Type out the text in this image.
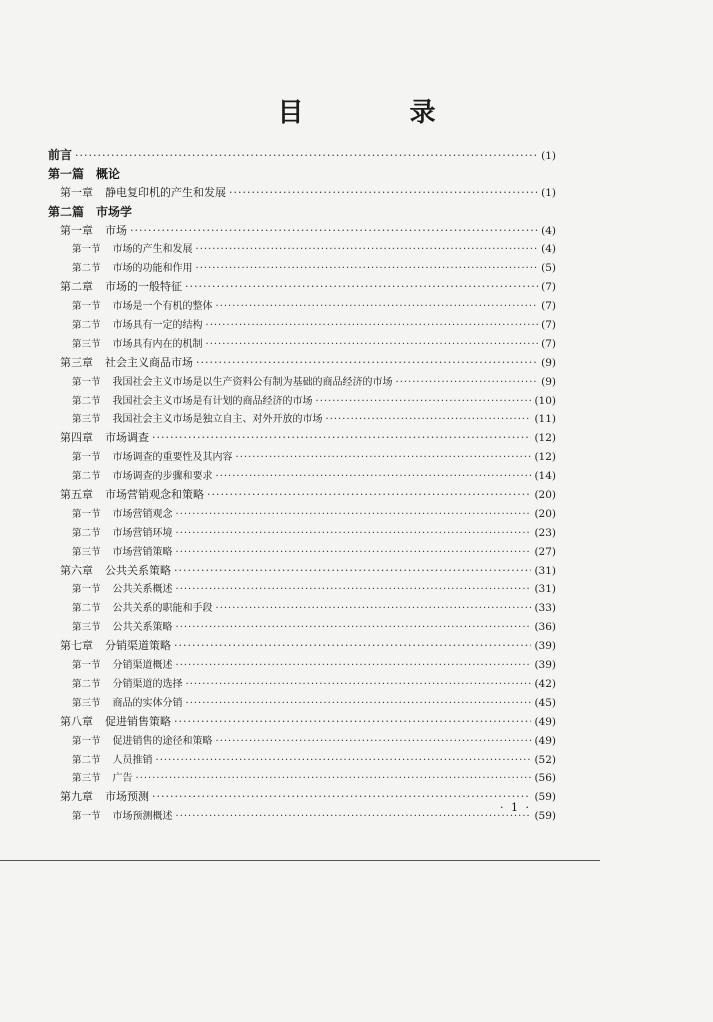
目　录
前言 ·····	(1)
第一篇 概论
第一章 静电复印机的产生和发展 ·····	(1)
第二篇 市场学
第一章 市场 ·····	(4)
第一节 市场的产生和发展 ·····	(4)
第二节 市场的功能和作用 ·····	(5)
第二章 市场的一般特征 ·····	(7)
第一节 市场是一个有机的整体 ·····	(7)
第二节 市场具有一定的结构 ·····	(7)
第三节 市场具有内在的机制 ·····	(7)
第三章 社会主义商品市场 ·····	(9)
第一节 我国社会主义市场是以生产资料公有制为基础的商品经济的市场 ·····	(9)
第二节 我国社会主义市场是有计划的商品经济的市场 ·····	(10)
第三节 我国社会主义市场是独立自主、对外开放的市场 ·····	(11)
第四章 市场调查 ·····	(12)
第一节 市场调查的重要性及其内容 ·····	(12)
第二节 市场调查的步骤和要求 ·····	(14)
第五章 市场营销观念和策略 ·····	(20)
第一节 市场营销观念 ·····	(20)
第二节 市场营销环境 ·····	(23)
第三节 市场营销策略 ·····	(27)
第六章 公共关系策略 ·····	(31)
第一节 公共关系概述 ·····	(31)
第二节 公共关系的职能和手段 ·····	(33)
第三节 公共关系策略 ·····	(36)
第七章 分销渠道策略 ·····	(39)
第一节 分销渠道概述 ·····	(39)
第二节 分销渠道的选择 ·····	(42)
第三节 商品的实体分销 ·····	(45)
第八章 促进销售策略 ·····	(49)
第一节 促进销售的途径和策略 ·····	(49)
第二节 人员推销 ·····	(52)
第三节 广告 ·····	(56)
第九章 市场预测 ·····	(59)
第一节 市场预测概述 ·····	(59)
· 1 ·
